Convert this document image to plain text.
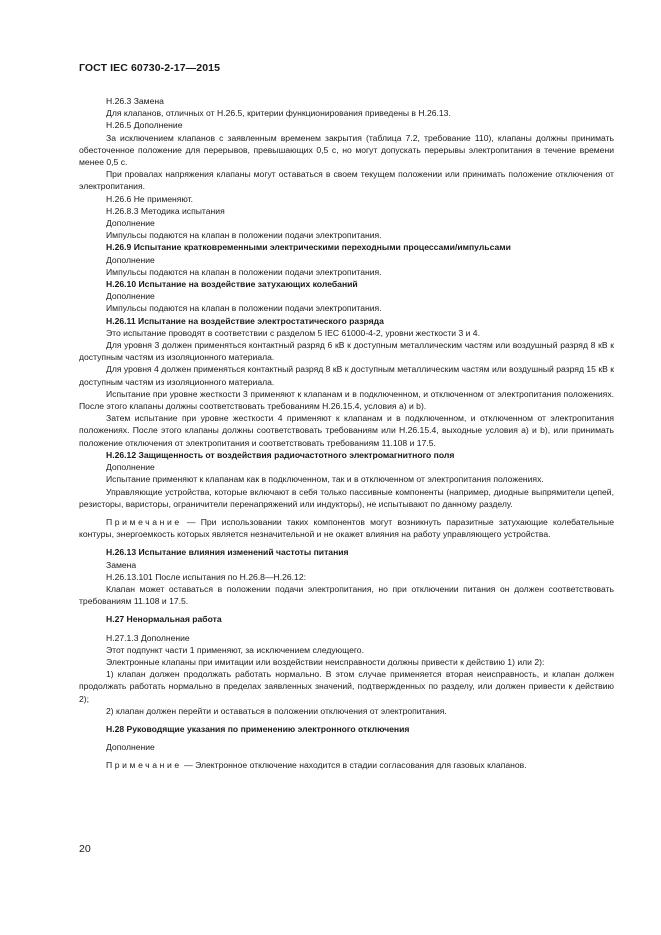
ГОСТ IEC 60730-2-17—2015

H.26.3 Замена

Для клапанов, отличных от Н.26.5, критерии функционирования приведены в Н.26.13.

Н.26.5 Дополнение

За исключением клапанов с заявленным временем закрытия (таблица 7.2, требование 110), клапаны должны принимать обесточенное положение для перерывов, превышающих 0,5 с, но могут допускать перерывы электропитания в течение времени менее 0,5 с.

При провалах напряжения клапаны могут оставаться в своем текущем положении или принимать положение отключения от электропитания.

Н.26.6 Не применяют.

Н.26.8.3 Методика испытания

Дополнение

Импульсы подаются на клапан в положении подачи электропитания.

Н.26.9 Испытание кратковременными электрическими переходными процессами/импульсами

Дополнение

Импульсы подаются на клапан в положении подачи электропитания.

Н.26.10 Испытание на воздействие затухающих колебаний

Дополнение

Импульсы подаются на клапан в положении подачи электропитания.

Н.26.11 Испытание на воздействие электростатического разряда

Это испытание проводят в соответствии с разделом 5 IEC 61000-4-2, уровни жесткости 3 и 4.

Для уровня 3 должен применяться контактный разряд 6 кВ к доступным металлическим частям или воздушный разряд 8 кВ к доступным частям из изоляционного материала.

Для уровня 4 должен применяться контактный разряд 8 кВ к доступным металлическим частям или воздушный разряд 15 кВ к доступным частям из изоляционного материала.

Испытание при уровне жесткости 3 применяют к клапанам и в подключенном, и отключенном от электропитания положениях. После этого клапаны должны соответствовать требованиям Н.26.15.4, условия а) и b).

Затем испытание при уровне жесткости 4 применяют к клапанам и в подключенном, и отключенном от электропитания положениях. После этого клапаны должны соответствовать требованиям или Н.26.15.4, выходные условия а) и b), или принимать положение отключения от электропитания и соответствовать требованиям 11.108 и 17.5.

Н.26.12 Защищенность от воздействия радиочастотного электромагнитного поля

Дополнение

Испытание применяют к клапанам как в подключенном, так и в отключенном от электропитания положениях.

Управляющие устройства, которые включают в себя только пассивные компоненты (например, диодные выпрямители цепей, резисторы, варисторы, ограничители перенапряжений или индукторы), не испытывают по данному разделу.

Примечание — При использовании таких компонентов могут возникнуть паразитные затухающие колебательные контуры, энергоемкость которых является незначительной и не окажет влияния на работу управляющего устройства.

Н.26.13 Испытание влияния изменений частоты питания

Замена

Н.26.13.101 После испытания по Н.26.8—Н.26.12:

Клапан может оставаться в положении подачи электропитания, но при отключении питания он должен соответствовать требованиям 11.108 и 17.5.

Н.27 Ненормальная работа

Н.27.1.3 Дополнение

Этот подпункт части 1 применяют, за исключением следующего.

Электронные клапаны при имитации или воздействии неисправности должны привести к действию 1) или 2):

1) клапан должен продолжать работать нормально. В этом случае применяется вторая неисправность, и клапан должен продолжать работать нормально в пределах заявленных значений, подтвержденных по разделу, или должен привести к действию 2);

2) клапан должен перейти и оставаться в положении отключения от электропитания.

Н.28 Руководящие указания по применению электронного отключения

Дополнение

Примечание — Электронное отключение находится в стадии согласования для газовых клапанов.

20
